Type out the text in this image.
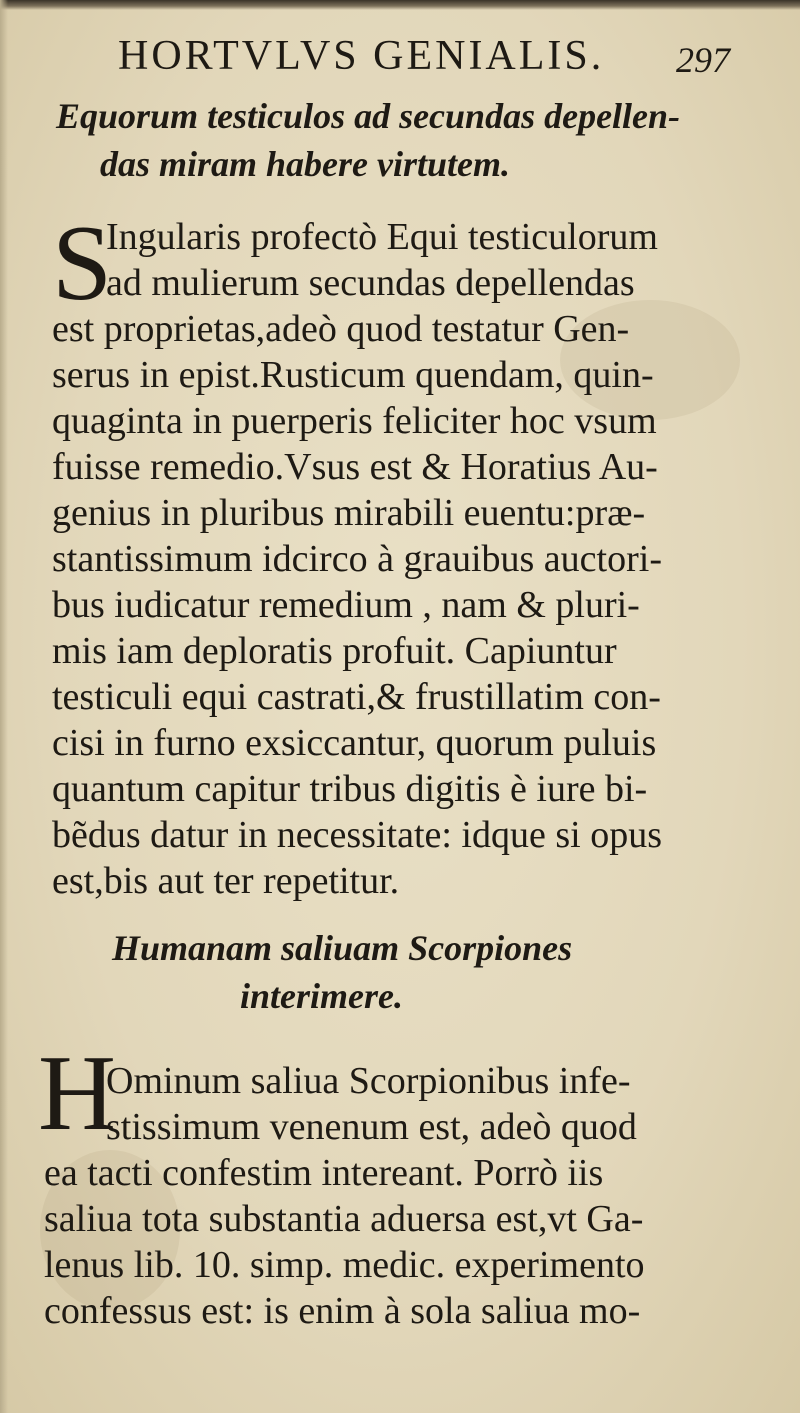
HORTVLVS GENIALIS. 297
Equorum testiculos ad secundas depellen-
das miram habere virtutem.
S
Ingularis profectò Equi testiculorum
ad mulierum secundas depellendas
est proprietas,adeò quod testatur Gen-
serus in epist.Rusticum quendam, quin-
quaginta in puerperis feliciter hoc vsum
fuisse remedio.Vsus est & Horatius Au-
genius in pluribus mirabili euentu:præ-
stantissimum idcirco à grauibus auctori-
bus iudicatur remedium , nam & pluri-
mis iam deploratis profuit. Capiuntur
testiculi equi castrati,& frustillatim con-
cisi in furno exsiccantur, quorum puluis
quantum capitur tribus digitis è iure bi-
bẽdus datur in necessitate: idque si opus
est,bis aut ter repetitur.
Humanam saliuam Scorpiones
interimere.
H
Ominum saliua Scorpionibus infe-
stissimum venenum est, adeò quod
ea tacti confestim intereant. Porrò iis
saliua tota substantia aduersa est,vt Ga-
lenus lib. 10. simp. medic. experimento
confessus est: is enim à sola saliua mo-
